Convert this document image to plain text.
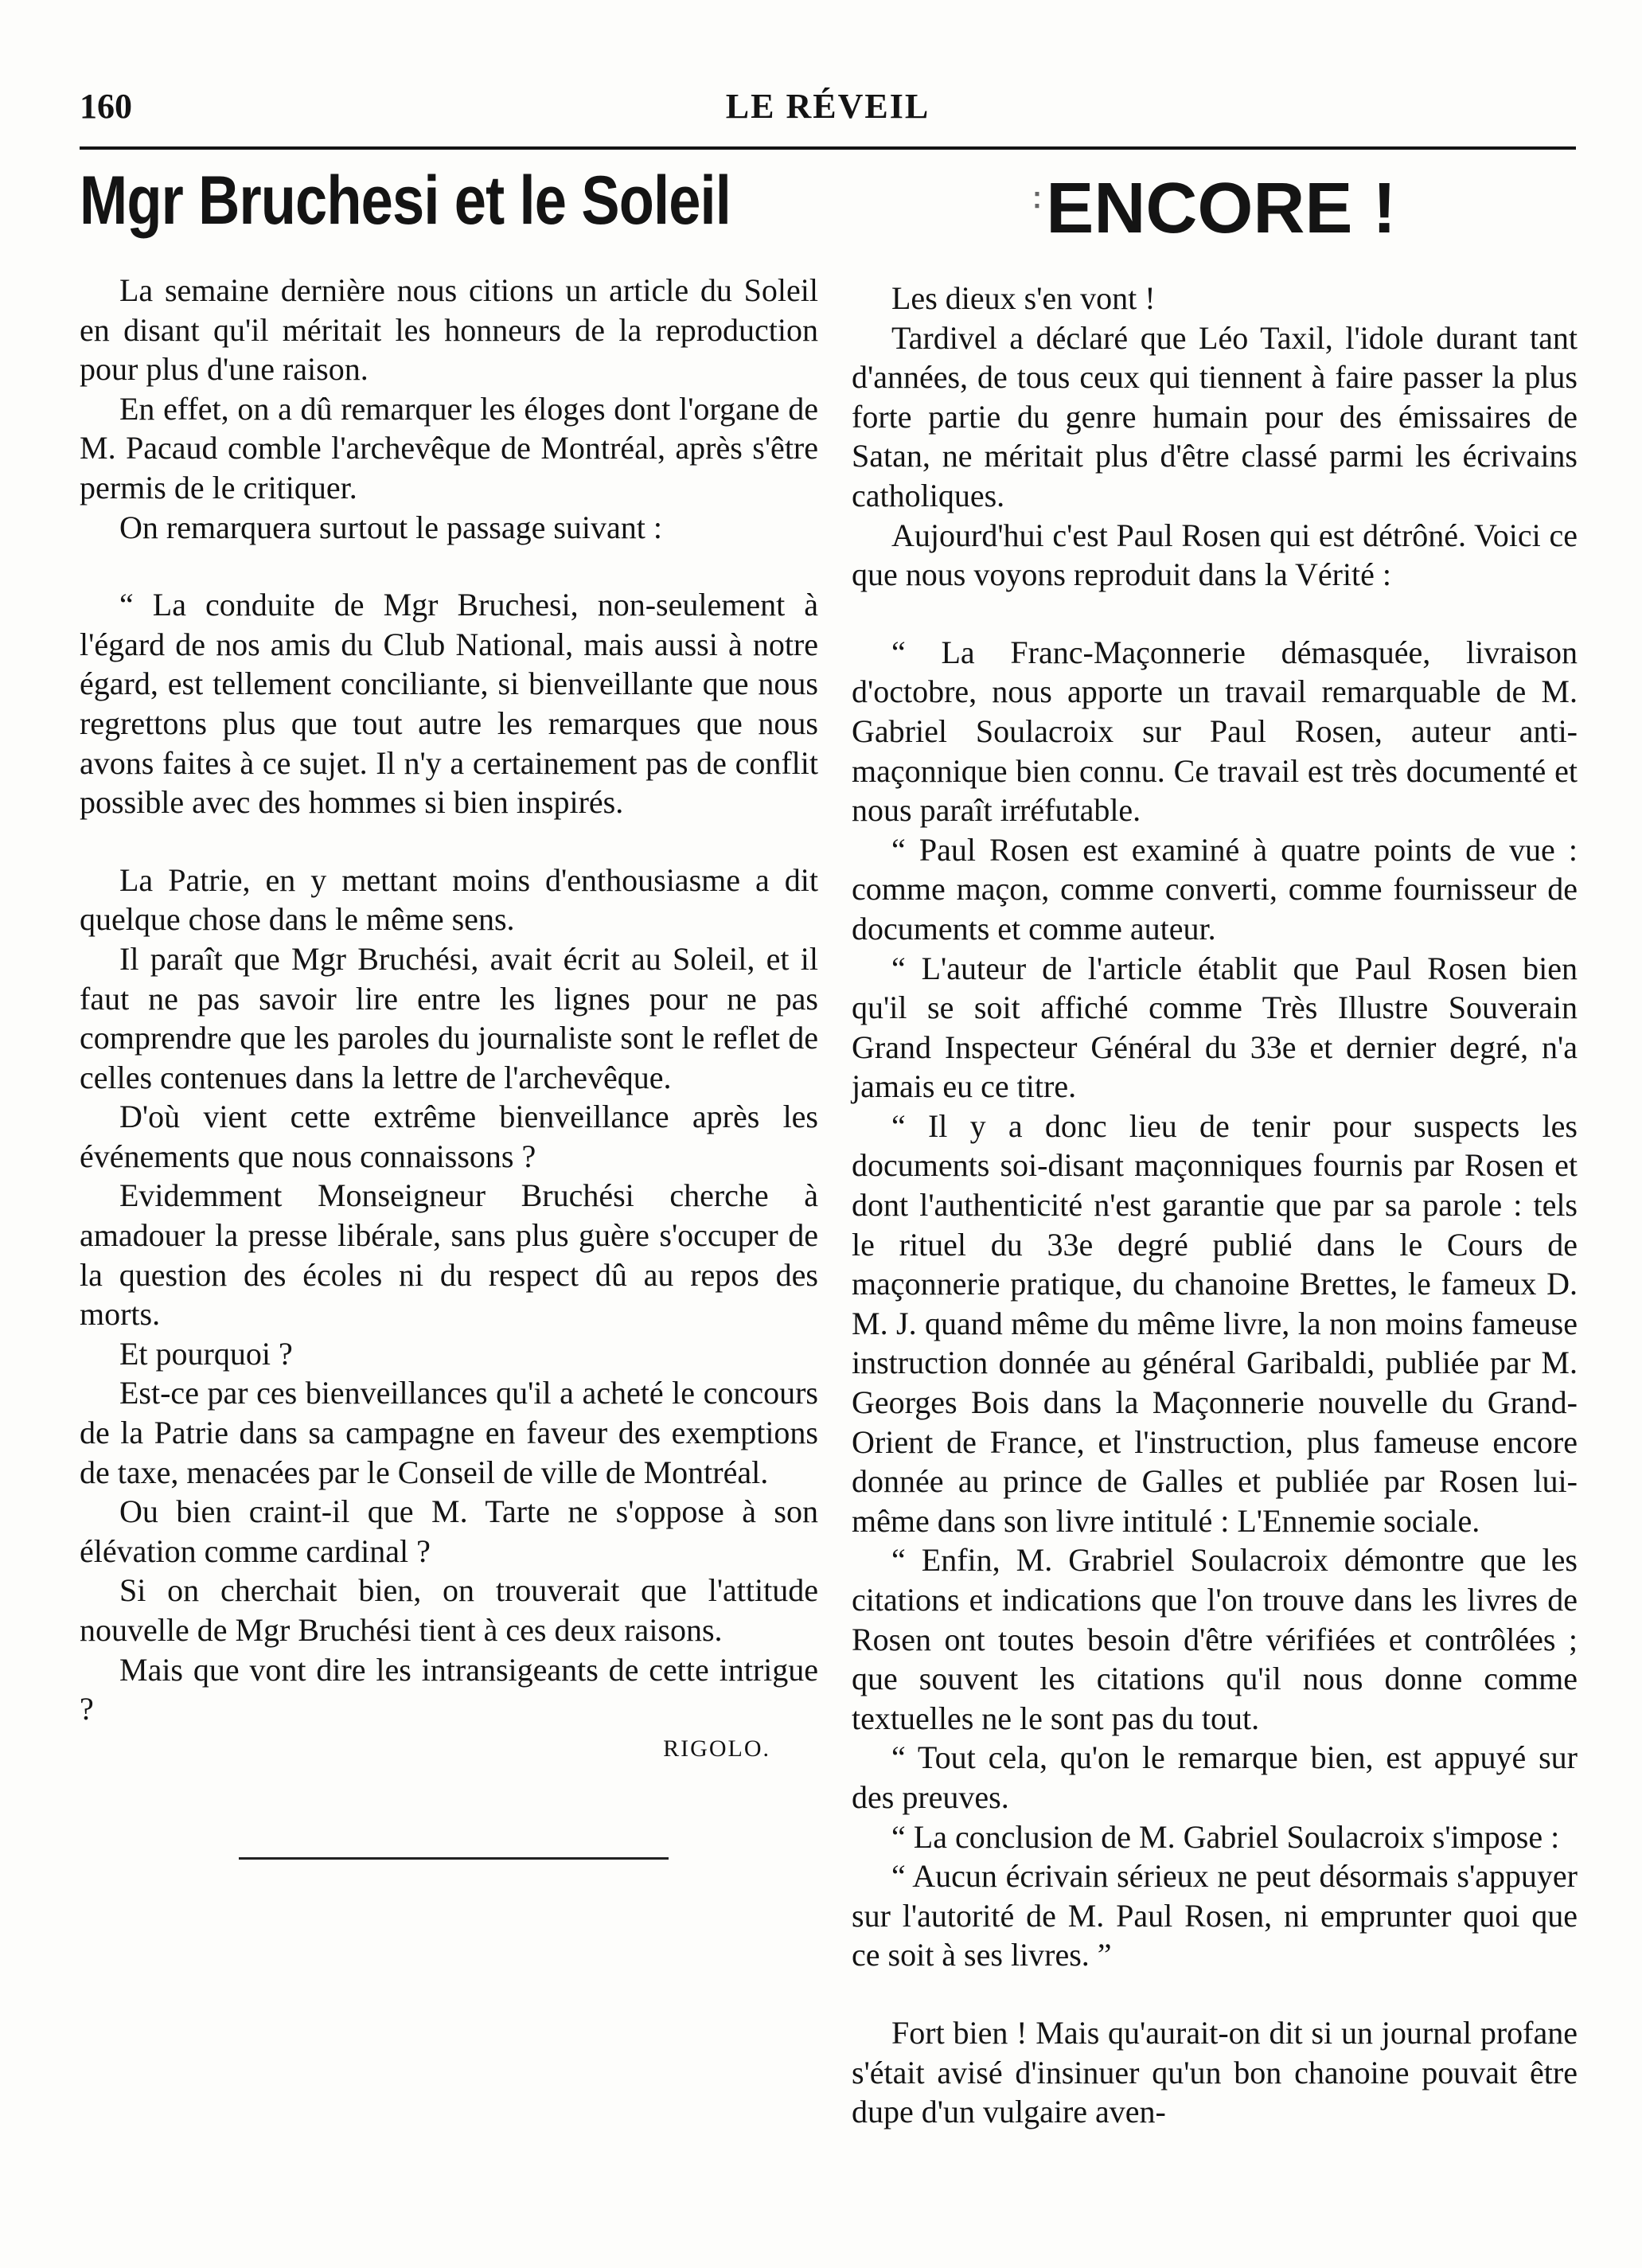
160	LE RÉVEIL
Mgr Bruchesi et le Soleil

La semaine dernière nous citions un article du Soleil en disant qu'il méritait les honneurs de la reproduction pour plus d'une raison.

En effet, on a dû remarquer les éloges dont l'organe de M. Pacaud comble l'archevêque de Montréal, après s'être permis de le critiquer.

On remarquera surtout le passage suivant :

“ La conduite de Mgr Bruchesi, non-seulement à l'égard de nos amis du Club National, mais aussi à notre égard, est tellement conciliante, si bienveillante que nous regrettons plus que tout autre les remarques que nous avons faites à ce sujet. Il n'y a certainement pas de conflit possible avec des hommes si bien inspirés.

La Patrie, en y mettant moins d'enthousiasme a dit quelque chose dans le même sens.

Il paraît que Mgr Bruchési, avait écrit au Soleil, et il faut ne pas savoir lire entre les lignes pour ne pas comprendre que les paroles du journaliste sont le reflet de celles contenues dans la lettre de l'archevêque.

D'où vient cette extrême bienveillance après les événements que nous connaissons ?

Evidemment Monseigneur Bruchési cherche à amadouer la presse libérale, sans plus guère s'occuper de la question des écoles ni du respect dû au repos des morts.

Et pourquoi ?

Est-ce par ces bienveillances qu'il a acheté le concours de la Patrie dans sa campagne en faveur des exemptions de taxe, menacées par le Conseil de ville de Montréal.

Ou bien craint-il que M. Tarte ne s'oppose à son élévation comme cardinal ?

Si on cherchait bien, on trouverait que l'attitude nouvelle de Mgr Bruchési tient à ces deux raisons.

Mais que vont dire les intransigeants de cette intrigue ?

RIGOLO.

⁚ENCORE !

Les dieux s'en vont !

Tardivel a déclaré que Léo Taxil, l'idole durant tant d'années, de tous ceux qui tiennent à faire passer la plus forte partie du genre humain pour des émissaires de Satan, ne méritait plus d'être classé parmi les écrivains catholiques.

Aujourd'hui c'est Paul Rosen qui est détrôné. Voici ce que nous voyons reproduit dans la Vérité :

“ La Franc-Maçonnerie démasquée, livraison d'octobre, nous apporte un travail remarquable de M. Gabriel Soulacroix sur Paul Rosen, auteur anti-maçonnique bien connu. Ce travail est très documenté et nous paraît irréfutable.

“ Paul Rosen est examiné à quatre points de vue : comme maçon, comme converti, comme fournisseur de documents et comme auteur.

“ L'auteur de l'article établit que Paul Rosen bien qu'il se soit affiché comme Très Illustre Souverain Grand Inspecteur Général du 33e et dernier degré, n'a jamais eu ce titre.

“ Il y a donc lieu de tenir pour suspects les documents soi-disant maçonniques fournis par Rosen et dont l'authenticité n'est garantie que par sa parole : tels le rituel du 33e degré publié dans le Cours de maçonnerie pratique, du chanoine Brettes, le fameux D. M. J. quand même du même livre, la non moins fameuse instruction donnée au général Garibaldi, publiée par M. Georges Bois dans la Maçonnerie nouvelle du Grand-Orient de France, et l'instruction, plus fameuse encore donnée au prince de Galles et publiée par Rosen lui-même dans son livre intitulé : L'Ennemie sociale.

“ Enfin, M. Grabriel Soulacroix démontre que les citations et indications que l'on trouve dans les livres de Rosen ont toutes besoin d'être vérifiées et contrôlées ; que souvent les citations qu'il nous donne comme textuelles ne le sont pas du tout.

“ Tout cela, qu'on le remarque bien, est appuyé sur des preuves.

“ La conclusion de M. Gabriel Soulacroix s'impose :

“ Aucun écrivain sérieux ne peut désormais s'appuyer sur l'autorité de M. Paul Rosen, ni emprunter quoi que ce soit à ses livres. ”

Fort bien ! Mais qu'aurait-on dit si un journal profane s'était avisé d'insinuer qu'un bon chanoine pouvait être dupe d'un vulgaire aven-
